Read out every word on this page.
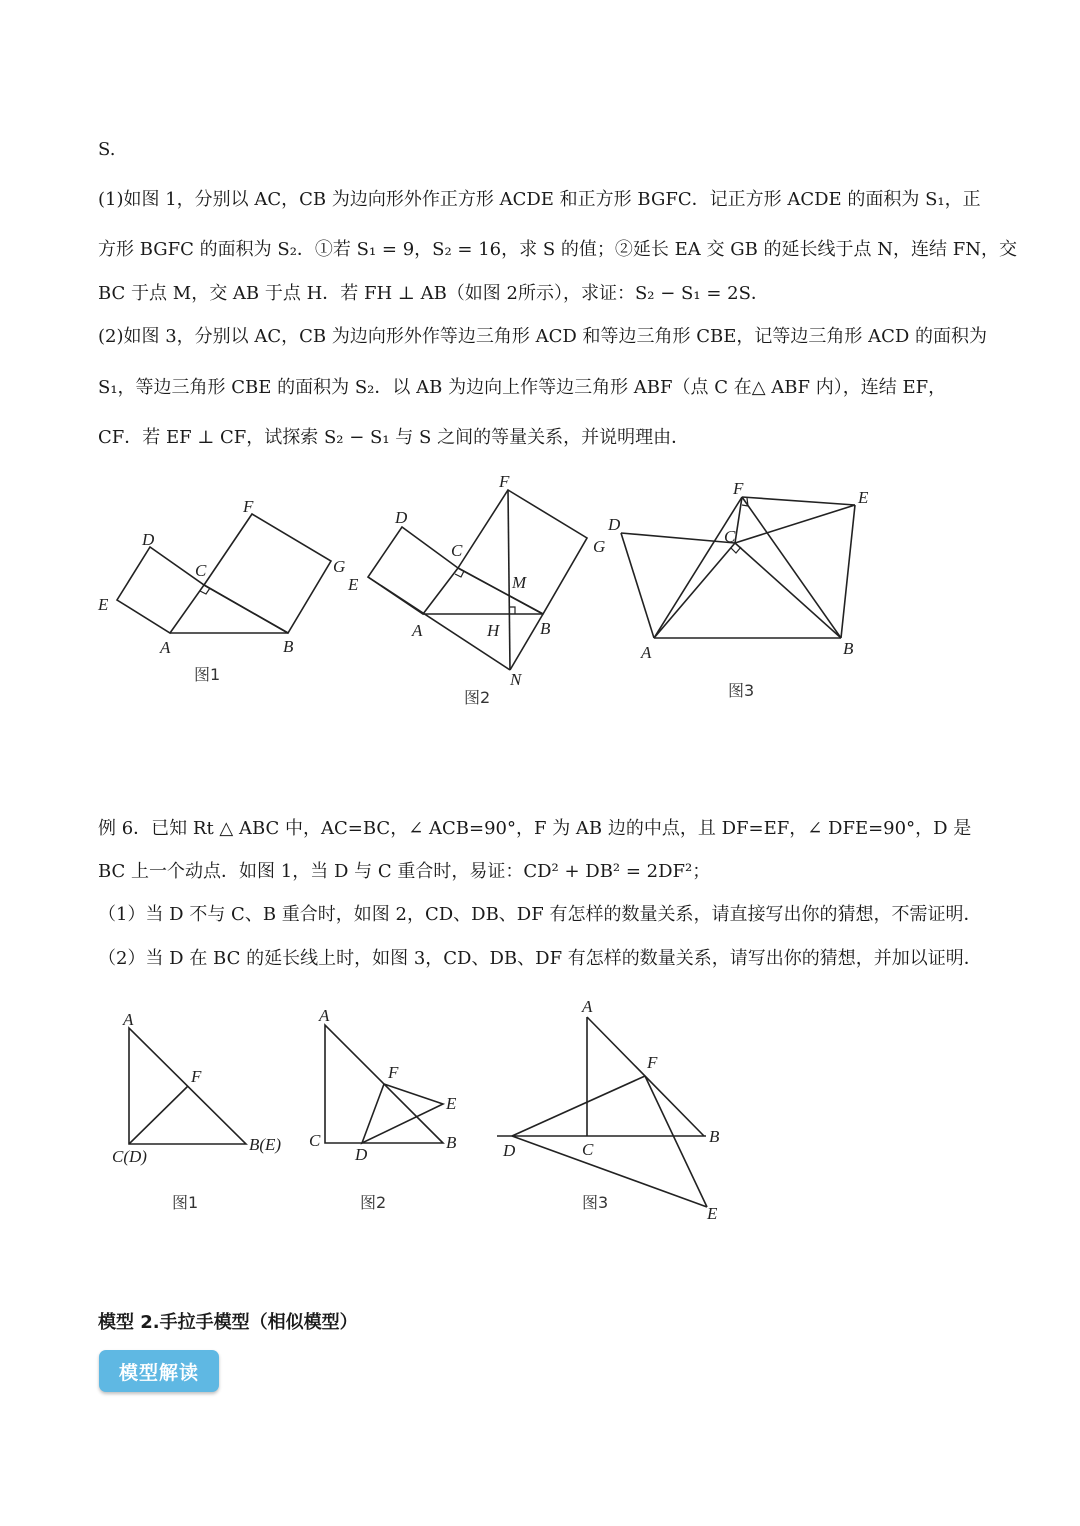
S.
(1)如图 1，分别以 AC，CB 为边向形外作正方形 ACDE 和正方形 BGFC．记正方形 ACDE 的面积为 S₁，正
方形 BGFC 的面积为 S₂．①若 S₁ = 9，S₂ = 16，求 S 的值；②延长 EA 交 GB 的延长线于点 N，连结 FN，交
BC 于点 M，交 AB 于点 H．若 FH ⊥ AB（如图 2所示），求证：S₂ − S₁ = 2S．
(2)如图 3，分别以 AC，CB 为边向形外作等边三角形 ACD 和等边三角形 CBE，记等边三角形 ACD 的面积为
S₁，等边三角形 CBE 的面积为 S₂．以 AB 为边向上作等边三角形 ABF（点 C 在△ ABF 内），连结 EF，
CF．若 EF ⊥ CF，试探索 S₂ − S₁ 与 S 之间的等量关系，并说明理由．
D
E
F
G
C
A	B
图1
F
D
C	G
E	M
A	H B
N
图2
F	E
D
C
A	B
图3
例 6．已知 Rt △ ABC 中，AC=BC，∠ ACB=90°，F 为 AB 边的中点，且 DF=EF，∠ DFE=90°，D 是
BC 上一个动点．如图 1，当 D 与 C 重合时，易证：CD² + DB² = 2DF²；
（1）当 D 不与 C、B 重合时，如图 2，CD、DB、DF 有怎样的数量关系，请直接写出你的猜想，不需证明．
（2）当 D 在 BC 的延长线上时，如图 3，CD、DB、DF 有怎样的数量关系，请写出你的猜想，并加以证明．
A
F
C(D)
B(E)
图1
A
F
E
C
D
B
图2
A
F
B
D	C
E
图3
模型 2.手拉手模型（相似模型）
模型解读
